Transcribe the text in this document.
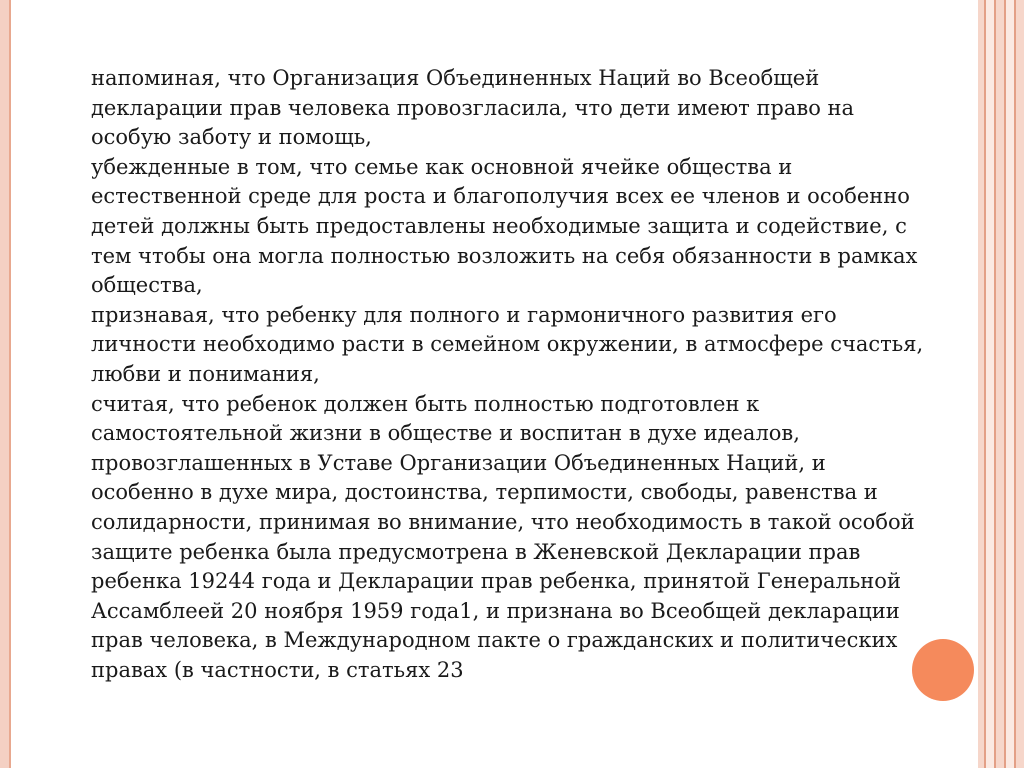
напоминая, что Организация Объединенных Наций во Всеобщей декларации прав человека провозгласила, что дети имеют право на особую заботу и помощь,

убежденные в том, что семье как основной ячейке общества и естественной среде для роста и благополучия всех ее членов и особенно детей должны быть предоставлены необходимые защита и содействие, с тем чтобы она могла полностью возложить на себя обязанности в рамках общества,

признавая, что ребенку для полного и гармоничного развития его личности необходимо расти в семейном окружении, в атмосфере счастья, любви и понимания,

считая, что ребенок должен быть полностью подготовлен к самостоятельной жизни в обществе и воспитан в духе идеалов, провозглашенных в Уставе Организации Объединенных Наций, и особенно в духе мира, достоинства, терпимости, свободы, равенства и солидарности, принимая во внимание, что необходимость в такой особой защите ребенка была предусмотрена в Женевской Декларации прав ребенка 19244 года и Декларации прав ребенка, принятой Генеральной Ассамблеей 20 ноября 1959 года1, и признана во Всеобщей декларации прав человека, в Международном пакте о гражданских и политических правах (в частности, в статьях 23
